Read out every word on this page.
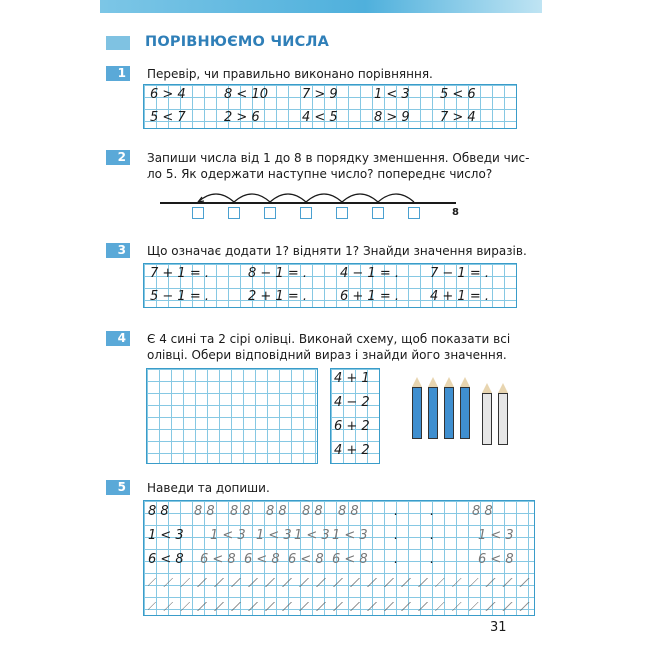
ПОРІВНЮЄМО ЧИСЛА
1	Перевір, чи правильно виконано порівняння.
6 > 4	8 < 10	7 > 9	1 < 3 5 < 6
5 < 7	2 > 6	4 < 5	8 > 9 7 > 4
2	Запиши числа від 1 до 8 в порядку зменшення. Обведи чис-
ло 5. Як одержати наступне число? попереднє число?
8
3	Що означає додати 1? відняти 1? Знайди значення виразів.
7 + 1 = .	8 − 1 = .	4 − 1 = . 7 − 1 = .
5 − 1 = .	2 + 1 = .	6 + 1 = . 4 + 1 = .
4	Є 4 сині та 2 сірі олівці. Виконай схему, щоб показати всі
олівці. Обери відповідний вираз і знайди його значення.
4 + 1
4 − 2
6 + 2
4 + 2
5	Наведи та допиши.
8 8 8 8 8 8 8 8 8 8 8 8	. .	8 8
1 < 3 1 < 3 1 < 3 1 < 3 1 < 3 . .	1 < 3
6 < 8 6 < 8 6 < 8 6 < 8 6 < 8 . .	6 < 8
31
